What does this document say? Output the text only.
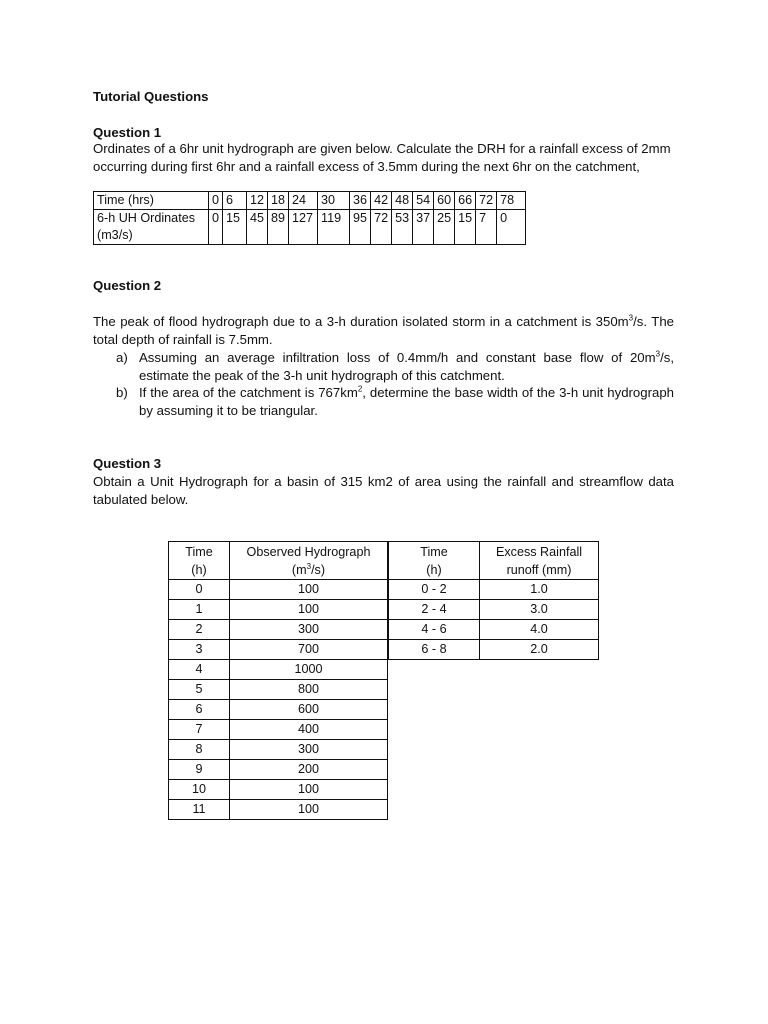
Tutorial Questions
Question 1
Ordinates of a 6hr unit hydrograph are given below. Calculate the DRH for a rainfall excess of 2mm occurring during first 6hr and a rainfall excess of 3.5mm during the next 6hr on the catchment,
Time (hrs)	0	6	12	18	24	30	36	42	48	54	60	66	72	78
6-h UH Ordinates (m3/s)	0	15	45	89	127	119	95	72	53	37	25	15	7	0
Question 2
The peak of flood hydrograph due to a 3-h duration isolated storm in a catchment is $350m^3/s$. The total depth of rainfall is 7.5mm.
a) Assuming an average infiltration loss of 0.4mm/h and constant base flow of $20m^3/s$, estimate the peak of the 3-h unit hydrograph of this catchment.
b) If the area of the catchment is $767km^2$, determine the base width of the 3-h unit hydrograph by assuming it to be triangular.
Question 3
Obtain a Unit Hydrograph for a basin of 315 km2 of area using the rainfall and streamflow data tabulated below.
Time
(h)	Observed Hydrograph
$(m^3/s)$
0	100
1	100
2	300
3	700
4	1000
5	800
6	600
7	400
8	300
9	200
10	100
11	100
Time
(h)	Excess Rainfall
runoff (mm)
0 - 2	1.0
2 - 4	3.0
4 - 6	4.0
6 - 8	2.0
